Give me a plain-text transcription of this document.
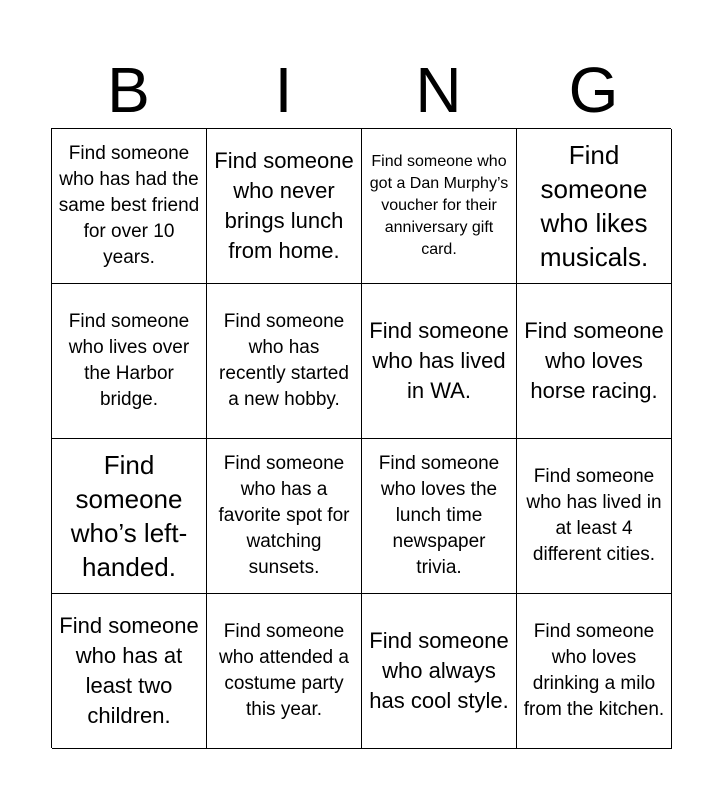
B	I	N	G
Find someone who has had the same best friend for over 10 years.
Find someone who never brings lunch from home.
Find someone who got a Dan Murphy’s voucher for their anniversary gift card.
Find someone who likes musicals.
Find someone who lives over the Harbor bridge.
Find someone who has recently started a new hobby.
Find someone who has lived in WA.
Find someone who loves horse racing.
Find someone who’s left-handed.
Find someone who has a favorite spot for watching sunsets.
Find someone who loves the lunch time newspaper trivia.
Find someone who has lived in at least 4 different cities.
Find someone who has at least two children.
Find someone who attended a costume party this year.
Find someone who always has cool style.
Find someone who loves drinking a milo from the kitchen.
